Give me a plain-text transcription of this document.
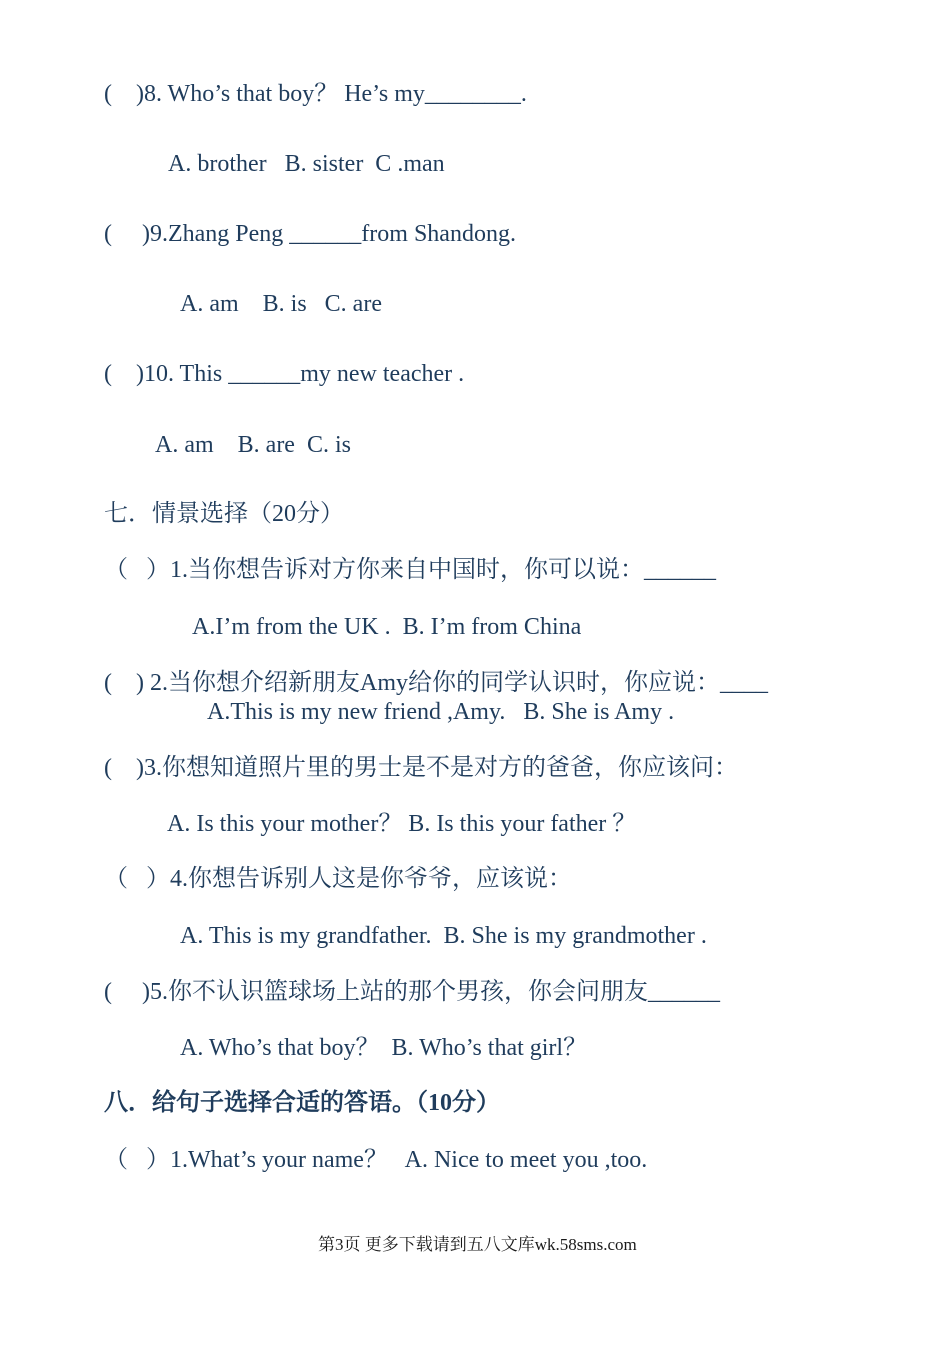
(    )8. Who’s that boy？ He’s my________.
A. brother   B. sister  C .man
(     )9.Zhang Peng ______from Shandong.
A. am    B. is   C. are
(    )10. This ______my new teacher .
A. am    B. are  C. is
七．情景选择（20分）
（   ）1.当你想告诉对方你来自中国时，你可以说：______
A.I’m from the UK .  B. I’m from China
(    ) 2.当你想介绍新朋友Amy给你的同学认识时，你应说：____
A.This is my new friend ,Amy.   B. She is Amy .
(    )3.你想知道照片里的男士是不是对方的爸爸，你应该问：
A. Is this your mother？ B. Is this your father ？
（   ）4.你想告诉别人这是你爷爷，应该说：
A. This is my grandfather.  B. She is my grandmother .
(     )5.你不认识篮球场上站的那个男孩，你会问朋友______
A. Who’s that boy？  B. Who’s that girl？
八．给句子选择合适的答语。（10分）
（   ）1.What’s your name？   A. Nice to meet you ,too.
第3页 更多下载请到五八文库wk.58sms.com
